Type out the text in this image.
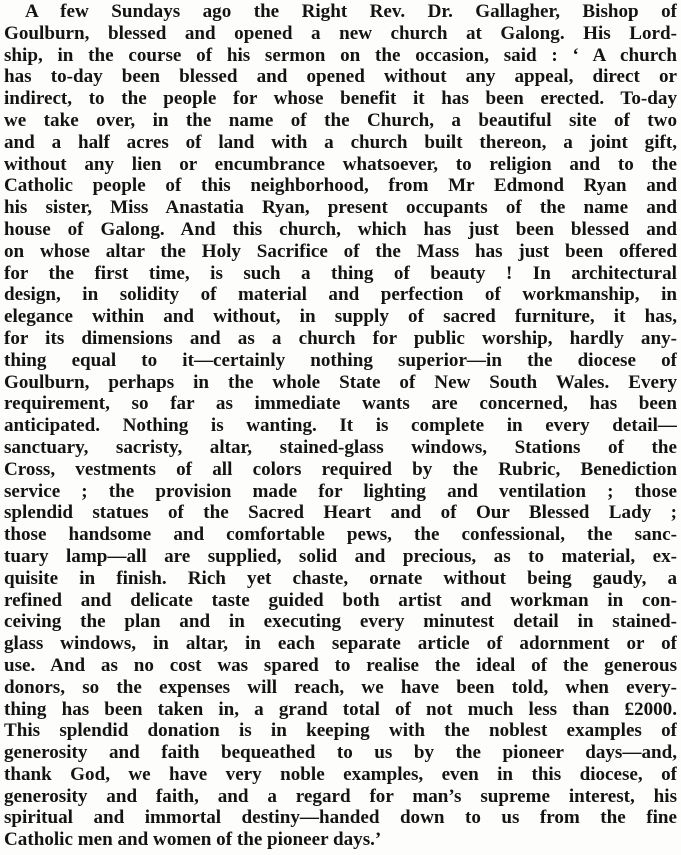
A few Sundays ago the Right Rev. Dr. Gallagher, Bishop of
Goulburn, blessed and opened a new church at Galong. His Lord-
ship, in the course of his sermon on the occasion, said : ‘ A church
has to-day been blessed and opened without any appeal, direct or
indirect, to the people for whose benefit it has been erected. To-day
we take over, in the name of the Church, a beautiful site of two
and a half acres of land with a church built thereon, a joint gift,
without any lien or encumbrance whatsoever, to religion and to the
Catholic people of this neighborhood, from Mr Edmond Ryan and
his sister, Miss Anastatia Ryan, present occupants of the name and
house of Galong. And this church, which has just been blessed and
on whose altar the Holy Sacrifice of the Mass has just been offered
for the first time, is such a thing of beauty ! In architectural
design, in solidity of material and perfection of workmanship, in
elegance within and without, in supply of sacred furniture, it has,
for its dimensions and as a church for public worship, hardly any-
thing equal to it—certainly nothing superior—in the diocese of
Goulburn, perhaps in the whole State of New South Wales. Every
requirement, so far as immediate wants are concerned, has been
anticipated. Nothing is wanting. It is complete in every detail—
sanctuary, sacristy, altar, stained-glass windows, Stations of the
Cross, vestments of all colors required by the Rubric, Benediction
service ; the provision made for lighting and ventilation ; those
splendid statues of the Sacred Heart and of Our Blessed Lady ;
those handsome and comfortable pews, the confessional, the sanc-
tuary lamp—all are supplied, solid and precious, as to material, ex-
quisite in finish. Rich yet chaste, ornate without being gaudy, a
refined and delicate taste guided both artist and workman in con-
ceiving the plan and in executing every minutest detail in stained-
glass windows, in altar, in each separate article of adornment or of
use. And as no cost was spared to realise the ideal of the generous
donors, so the expenses will reach, we have been told, when every-
thing has been taken in, a grand total of not much less than £2000.
This splendid donation is in keeping with the noblest examples of
generosity and faith bequeathed to us by the pioneer days—and,
thank God, we have very noble examples, even in this diocese, of
generosity and faith, and a regard for man’s supreme interest, his
spiritual and immortal destiny—handed down to us from the fine
Catholic men and women of the pioneer days.’
